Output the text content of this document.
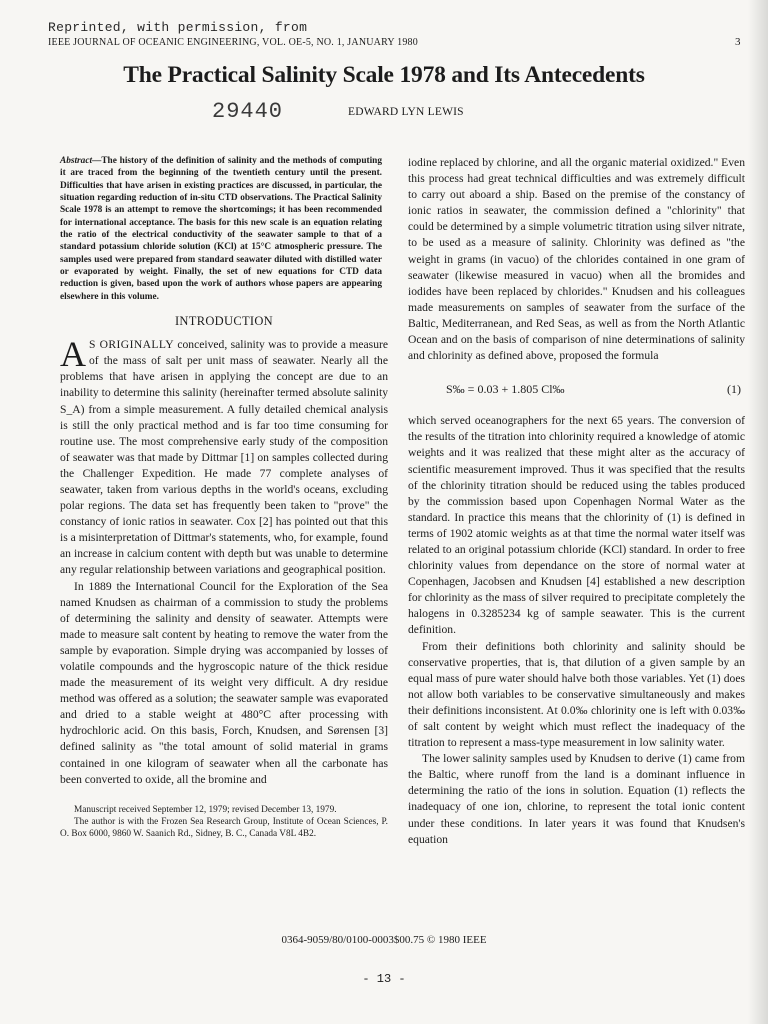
Reprinted, with permission, from
IEEE JOURNAL OF OCEANIC ENGINEERING, VOL. OE-5, NO. 1, JANUARY 1980	3
The Practical Salinity Scale 1978 and Its Antecedents
29440	EDWARD LYN LEWIS

Abstract—The history of the definition of salinity and the methods of computing it are traced from the beginning of the twentieth century until the present. Difficulties that have arisen in existing practices are discussed, in particular, the situation regarding reduction of in-situ CTD observations. The Practical Salinity Scale 1978 is an attempt to remove the shortcomings; it has been recommended for international acceptance. The basis for this new scale is an equation relating the ratio of the electrical conductivity of the seawater sample to that of a standard potassium chloride solution (KCl) at 15°C atmospheric pressure. The samples used were prepared from standard seawater diluted with distilled water or evaporated by weight. Finally, the set of new equations for CTD data reduction is given, based upon the work of authors whose papers are appearing elsewhere in this volume.

INTRODUCTION

A S ORIGINALLY conceived, salinity was to provide a measure of the mass of salt per unit mass of seawater. Nearly all the problems that have arisen in applying the concept are due to an inability to determine this salinity (hereinafter termed absolute salinity S_A) from a simple measurement. A fully detailed chemical analysis is still the only practical method and is far too time consuming for routine use. The most comprehensive early study of the composition of seawater was that made by Dittmar [1] on samples collected during the Challenger Expedition. He made 77 complete analyses of seawater, taken from various depths in the world's oceans, excluding polar regions. The data set has frequently been taken to "prove" the constancy of ionic ratios in seawater. Cox [2] has pointed out that this is a misinterpretation of Dittmar's statements, who, for example, found an increase in calcium content with depth but was unable to determine any regular relationship between variations and geographical position.

In 1889 the International Council for the Exploration of the Sea named Knudsen as chairman of a commission to study the problems of determining the salinity and density of seawater. Attempts were made to measure salt content by heating to remove the water from the sample by evaporation. Simple drying was accompanied by losses of volatile compounds and the hygroscopic nature of the thick residue made the measurement of its weight very difficult. A dry residue method was offered as a solution; the seawater sample was evaporated and dried to a stable weight at 480°C after processing with hydrochloric acid. On this basis, Forch, Knudsen, and Sørensen [3] defined salinity as "the total amount of solid material in grams contained in one kilogram of seawater when all the carbonate has been converted to oxide, all the bromine and

Manuscript received September 12, 1979; revised December 13, 1979.

The author is with the Frozen Sea Research Group, Institute of Ocean Sciences, P. O. Box 6000, 9860 W. Saanich Rd., Sidney, B. C., Canada V8L 4B2.

iodine replaced by chlorine, and all the organic material oxidized." Even this process had great technical difficulties and was extremely difficult to carry out aboard a ship. Based on the premise of the constancy of ionic ratios in seawater, the commission defined a "chlorinity" that could be determined by a simple volumetric titration using silver nitrate, to be used as a measure of salinity. Chlorinity was defined as "the weight in grams (in vacuo) of the chlorides contained in one gram of seawater (likewise measured in vacuo) when all the bromides and iodides have been replaced by chlorides." Knudsen and his colleagues made measurements on samples of seawater from the surface of the Baltic, Mediterranean, and Red Seas, as well as from the North Atlantic Ocean and on the basis of comparison of nine determinations of salinity and chlorinity as defined above, proposed the formula

S‰ = 0.03 + 1.805 Cl‰	(1)

which served oceanographers for the next 65 years. The conversion of the results of the titration into chlorinity required a knowledge of atomic weights and it was realized that these might alter as the accuracy of scientific measurement improved. Thus it was specified that the results of the chlorinity titration should be reduced using the tables produced by the commission based upon Copenhagen Normal Water as the standard. In practice this means that the chlorinity of (1) is defined in terms of 1902 atomic weights as at that time the normal water itself was related to an original potassium chloride (KCl) standard. In order to free chlorinity values from dependance on the store of normal water at Copenhagen, Jacobsen and Knudsen [4] established a new description for chlorinity as the mass of silver required to precipitate completely the halogens in 0.3285234 kg of sample seawater. This is the current definition.

From their definitions both chlorinity and salinity should be conservative properties, that is, that dilution of a given sample by an equal mass of pure water should halve both those variables. Yet (1) does not allow both variables to be conservative simultaneously and makes their definitions inconsistent. At 0.0‰ chlorinity one is left with 0.03‰ of salt content by weight which must reflect the inadequacy of the titration to represent a mass-type measurement in low salinity water.

The lower salinity samples used by Knudsen to derive (1) came from the Baltic, where runoff from the land is a dominant influence in determining the ratio of the ions in solution. Equation (1) reflects the inadequacy of one ion, chlorine, to represent the total ionic content under these conditions. In later years it was found that Knudsen's equation

0364-9059/80/0100-0003$00.75 © 1980 IEEE
- 13 -
